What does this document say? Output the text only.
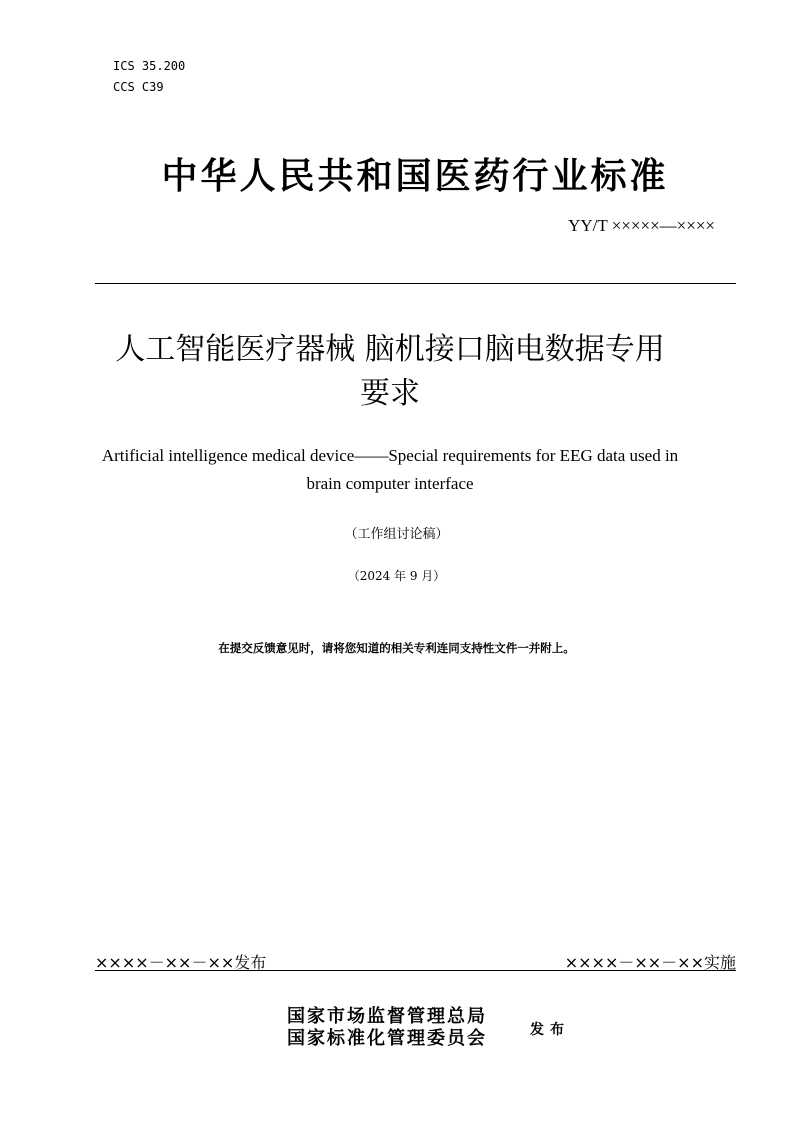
ICS 35.200
CCS C39
中华人民共和国医药行业标准
YY/T ×××××—××××
人工智能医疗器械 脑机接口脑电数据专用
要求
Artificial intelligence medical device——Special requirements for EEG data used in
brain computer interface
（工作组讨论稿）
（2024 年 9 月）
在提交反馈意见时，请将您知道的相关专利连同支持性文件一并附上。
××××－××－××发布	××××－××－××实施
国家市场监督管理总局
国家标准化管理委员会	发布
